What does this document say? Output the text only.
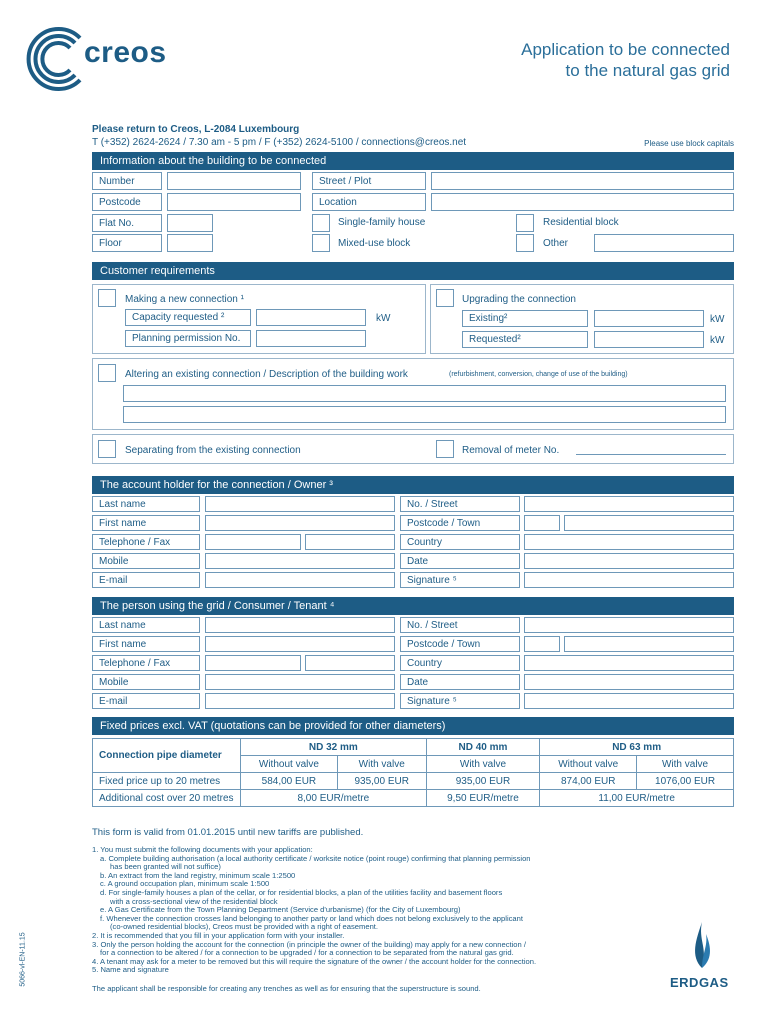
creos	Application to be connected
to the natural gas grid
Please return to Creos, L-2084 Luxembourg
T (+352) 2624-2624 / 7.30 am - 5 pm / F (+352) 2624-5100 / connections@creos.net	Please use block capitals
Information about the building to be connected
Number	Street / Plot
Postcode	Location
Flat No.	Single-family house	Residential block
Floor	Mixed-use block	Other
Customer requirements
Making a new connection ¹
Capacity requested ²	kW
Planning permission No.
Upgrading the connection
Existing²	kW
Requested²	kW
Altering an existing connection / Description of the building work	(refurbishment, conversion, change of use of the building)
Separating from the existing connection	Removal of meter No.
The account holder for the connection / Owner ³
Last name	No. / Street
First name	Postcode / Town
Telephone / Fax	Country
Mobile	Date
E-mail	Signature ⁵
The person using the grid / Consumer / Tenant ⁴
Last name	No. / Street
First name	Postcode / Town
Telephone / Fax	Country
Mobile	Date
E-mail	Signature ⁵
Fixed prices excl. VAT (quotations can be provided for other diameters)
Connection pipe diameter	ND 32 mm		ND 40 mm	ND 63 mm	
	Without valve	With valve	With valve	Without valve	With valve
Fixed price up to 20 metres	584,00 EUR	935,00 EUR	935,00 EUR	874,00 EUR	1076,00 EUR
Additional cost over 20 metres	8,00 EUR/metre		9,50 EUR/metre	11,00 EUR/metre	
This form is valid from 01.01.2015 until new tariffs are published.
1. You must submit the following documents with your application:
a. Complete building authorisation (a local authority certificate / worksite notice (point rouge) confirming that planning permission
has been granted will not suffice)
b. An extract from the land registry, minimum scale 1:2500
c. A ground occupation plan, minimum scale 1:500
d. For single-family houses a plan of the cellar, or for residential blocks, a plan of the utilities facility and basement floors
with a cross-sectional view of the residential block
e. A Gas Certificate from the Town Planning Department (Service d'urbanisme) (for the City of Luxembourg)
f. Whenever the connection crosses land belonging to another party or land which does not belong exclusively to the applicant
(co-owned residential blocks), Creos must be provided with a right of easement.
2. It is recommended that you fill in your application form with your installer.
3. Only the person holding the account for the connection (in principle the owner of the building) may apply for a new connection /
for a connection to be altered / for a connection to be upgraded / for a connection to be separated from the natural gas grid.
4. A tenant may ask for a meter to be removed but this will require the signature of the owner / the account holder for the connection.
5. Name and signature
The applicant shall be responsible for creating any trenches as well as for ensuring that the superstructure is sound.
5066-vl-EN-11.15	ERDGAS
